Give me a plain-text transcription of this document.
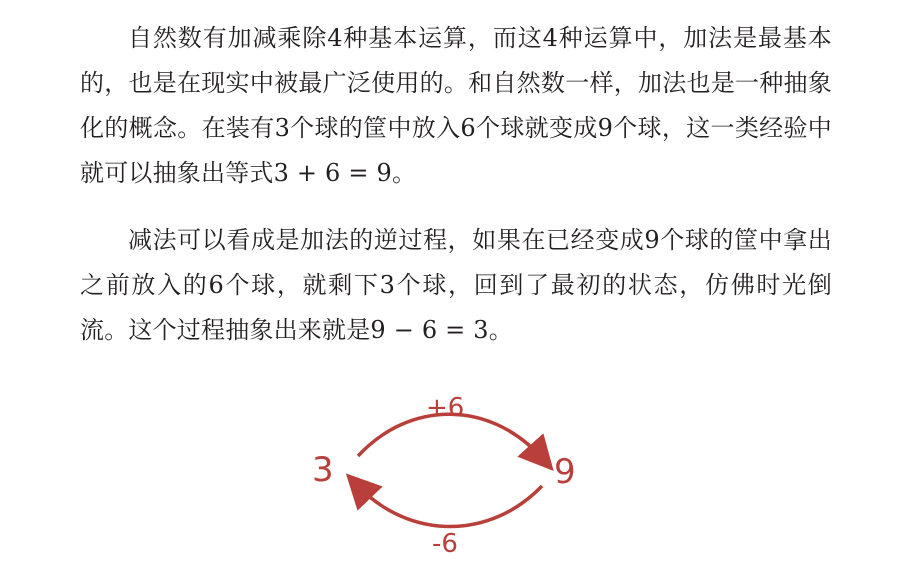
自然数有加减乘除4种基本运算，而这4种运算中，加法是最基本的，也是在现实中被最广泛使用的。和自然数一样，加法也是一种抽象化的概念。在装有3个球的筐中放入6个球就变成9个球，这一类经验中就可以抽象出等式3 + 6 = 9。

减法可以看成是加法的逆过程，如果在已经变成9个球的筐中拿出之前放入的6个球，就剩下3个球，回到了最初的状态，仿佛时光倒流。这个过程抽象出来就是9 − 6 = 3。

3	9
+6
-6
